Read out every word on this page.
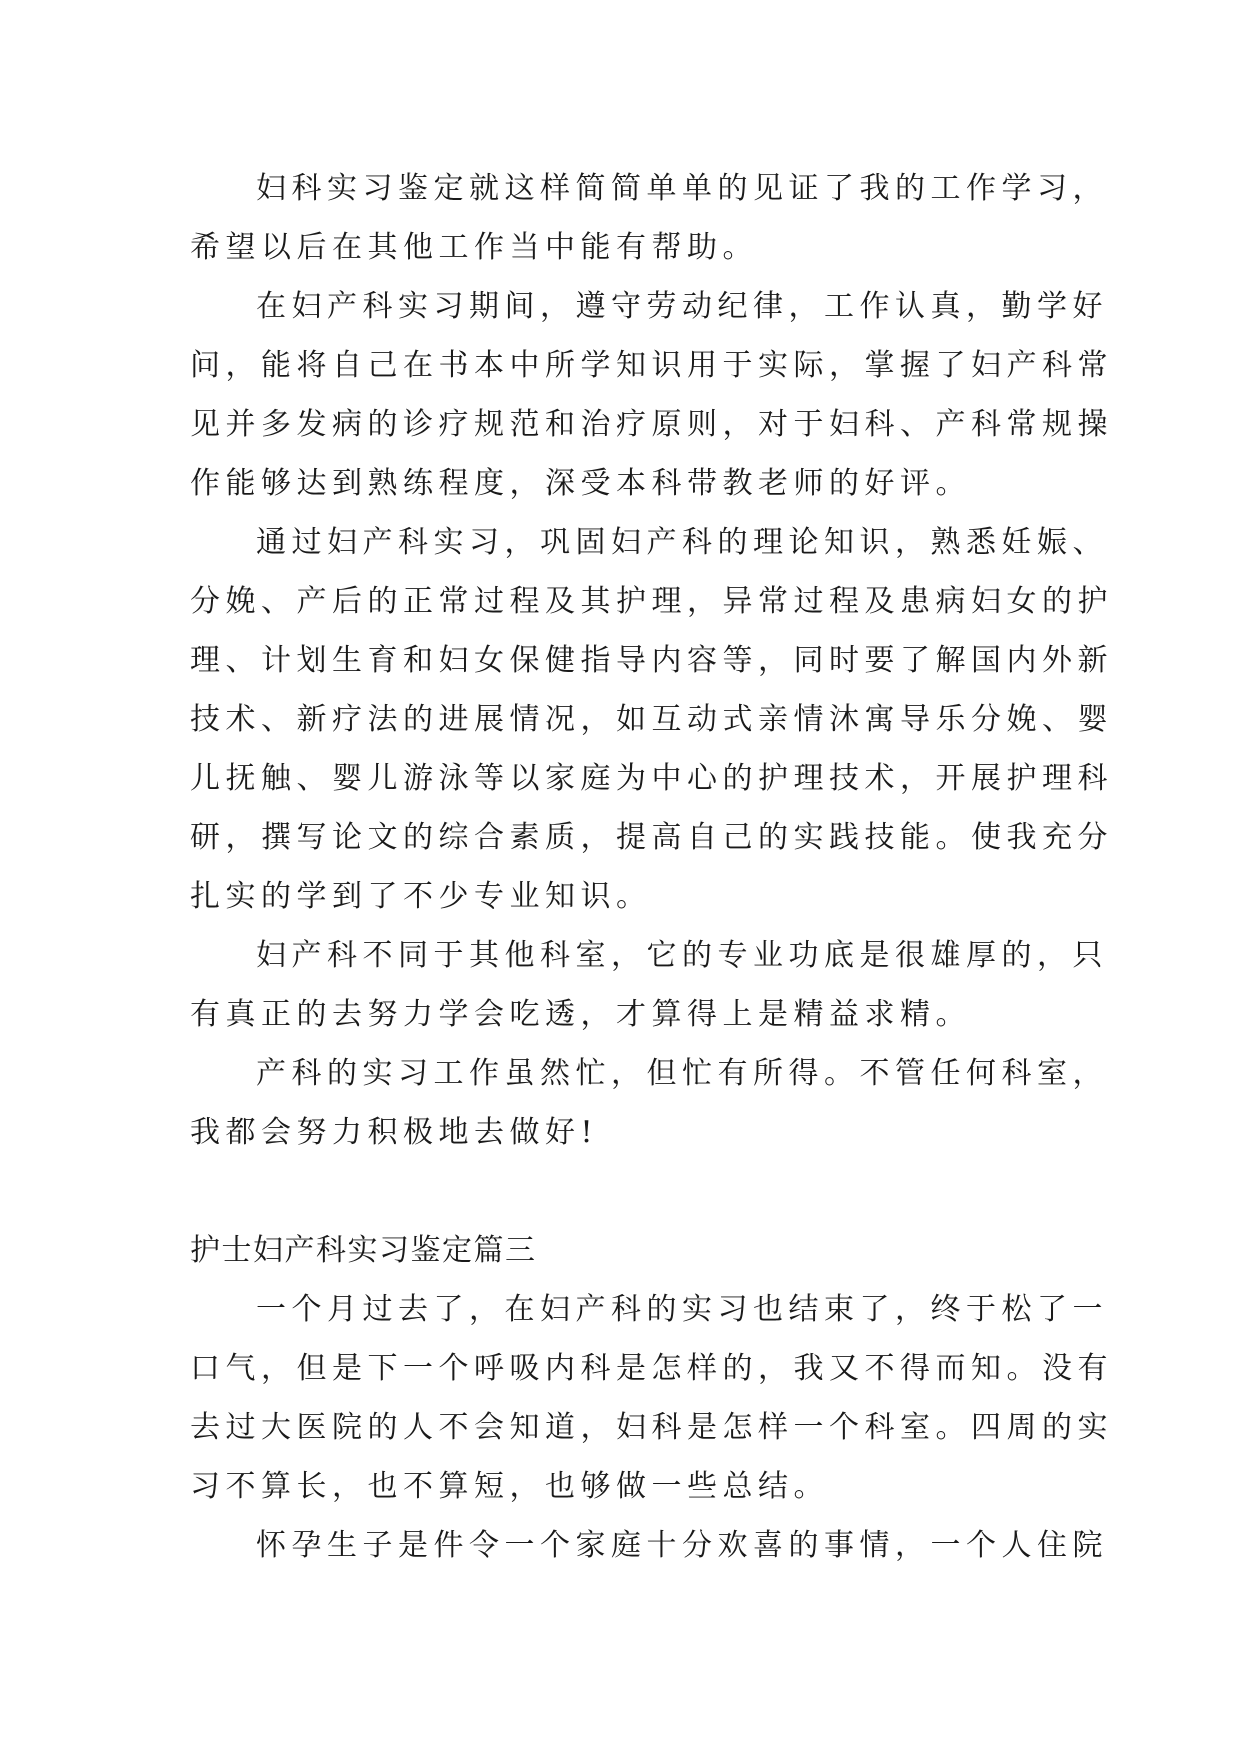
妇科实习鉴定就这样简简单单的见证了我的工作学习，
希望以后在其他工作当中能有帮助。
在妇产科实习期间，遵守劳动纪律，工作认真，勤学好
问，能将自己在书本中所学知识用于实际，掌握了妇产科常
见并多发病的诊疗规范和治疗原则，对于妇科、产科常规操
作能够达到熟练程度，深受本科带教老师的好评。
通过妇产科实习，巩固妇产科的理论知识，熟悉妊娠、
分娩、产后的正常过程及其护理，异常过程及患病妇女的护
理、计划生育和妇女保健指导内容等，同时要了解国内外新
技术、新疗法的进展情况，如互动式亲情沐寓导乐分娩、婴
儿抚触、婴儿游泳等以家庭为中心的护理技术，开展护理科
研，撰写论文的综合素质，提高自己的实践技能。使我充分
扎实的学到了不少专业知识。
妇产科不同于其他科室，它的专业功底是很雄厚的，只
有真正的去努力学会吃透，才算得上是精益求精。
产科的实习工作虽然忙，但忙有所得。不管任何科室，
我都会努力积极地去做好!
护士妇产科实习鉴定篇三
一个月过去了，在妇产科的实习也结束了，终于松了一
口气，但是下一个呼吸内科是怎样的，我又不得而知。没有
去过大医院的人不会知道，妇科是怎样一个科室。四周的实
习不算长，也不算短，也够做一些总结。
怀孕生子是件令一个家庭十分欢喜的事情，一个人住院
